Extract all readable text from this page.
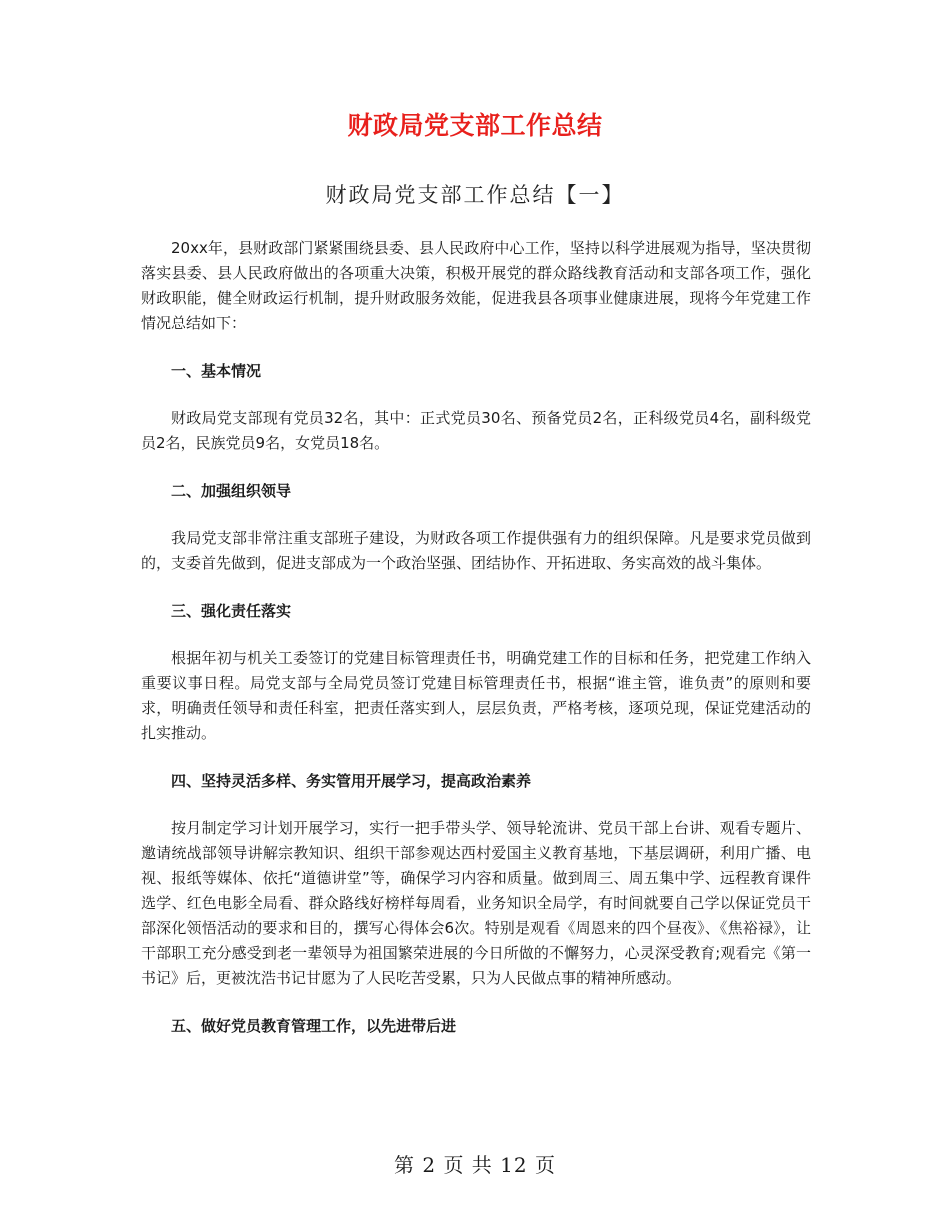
财政局党支部工作总结
财政局党支部工作总结【一】

20xx年，县财政部门紧紧围绕县委、县人民政府中心工作，坚持以科学进展观为指导，坚决贯彻落实县委、县人民政府做出的各项重大决策，积极开展党的群众路线教育活动和支部各项工作，强化财政职能，健全财政运行机制，提升财政服务效能，促进我县各项事业健康进展，现将今年党建工作情况总结如下：

一、基本情况

财政局党支部现有党员32名，其中：正式党员30名、预备党员2名，正科级党员4名，副科级党员2名，民族党员9名，女党员18名。

二、加强组织领导

我局党支部非常注重支部班子建设，为财政各项工作提供强有力的组织保障。凡是要求党员做到的，支委首先做到，促进支部成为一个政治坚强、团结协作、开拓进取、务实高效的战斗集体。

三、强化责任落实

根据年初与机关工委签订的党建目标管理责任书，明确党建工作的目标和任务，把党建工作纳入重要议事日程。局党支部与全局党员签订党建目标管理责任书，根据“谁主管，谁负责”的原则和要求，明确责任领导和责任科室，把责任落实到人，层层负责，严格考核，逐项兑现，保证党建活动的扎实推动。

四、坚持灵活多样、务实管用开展学习，提高政治素养

按月制定学习计划开展学习，实行一把手带头学、领导轮流讲、党员干部上台讲、观看专题片、邀请统战部领导讲解宗教知识、组织干部参观达西村爱国主义教育基地，下基层调研，利用广播、电视、报纸等媒体、依托“道德讲堂”等，确保学习内容和质量。做到周三、周五集中学、远程教育课件选学、红色电影全局看、群众路线好榜样每周看，业务知识全局学，有时间就要自己学以保证党员干部深化领悟活动的要求和目的，撰写心得体会6次。特别是观看《周恩来的四个昼夜》、《焦裕禄》，让干部职工充分感受到老一辈领导为祖国繁荣进展的今日所做的不懈努力，心灵深受教育;观看完《第一书记》后，更被沈浩书记甘愿为了人民吃苦受累，只为人民做点事的精神所感动。

五、做好党员教育管理工作，以先进带后进

第 2 页 共 12 页
